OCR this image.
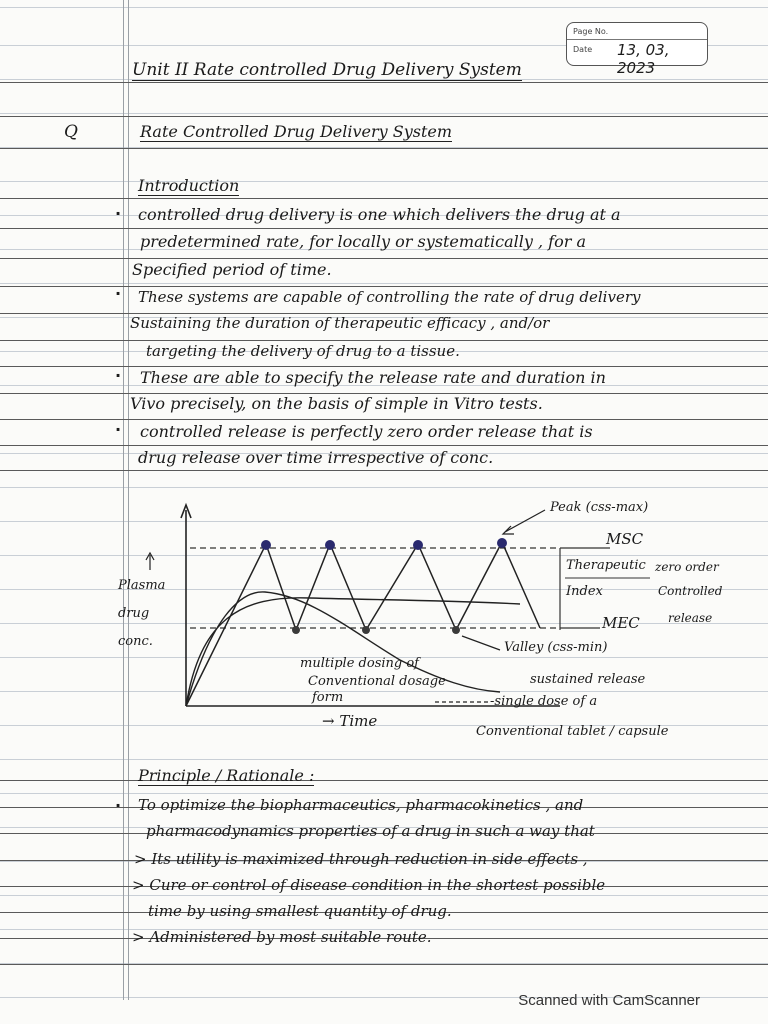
Page No.
Date 13, 03, 2023
Unit II Rate controlled Drug Delivery System
Q	Rate Controlled Drug Delivery System
Introduction
·
·
·
·
controlled drug delivery is one which delivers the drug at a
predetermined rate, for locally or systematically , for a
Specified period of time.
These systems are capable of controlling the rate of drug delivery
Sustaining the duration of therapeutic efficacy , and/or
targeting the delivery of drug to a tissue.
These are able to specify the release rate and duration in
Vivo precisely, on the basis of simple in Vitro tests.
controlled release is perfectly zero order release that is
drug release over time irrespective of conc.
Peak (css-max)
MSC
Therapeutic zero order
Index	Controlled
release
MEC
Valley (css-min)
Plasma
drug
conc.
multiple dosing of
Conventional dosage
form
sustained release
-single dose of a
Conventional tablet / capsule
→ Time
Principle / Rationale :
· To optimize the biopharmaceutics, pharmacokinetics , and
pharmacodynamics properties of a drug in such a way that
> Its utility is maximized through reduction in side effects ,
> Cure or control of disease condition in the shortest possible
time by using smallest quantity of drug.
> Administered by most suitable route.
Scanned with CamScanner
